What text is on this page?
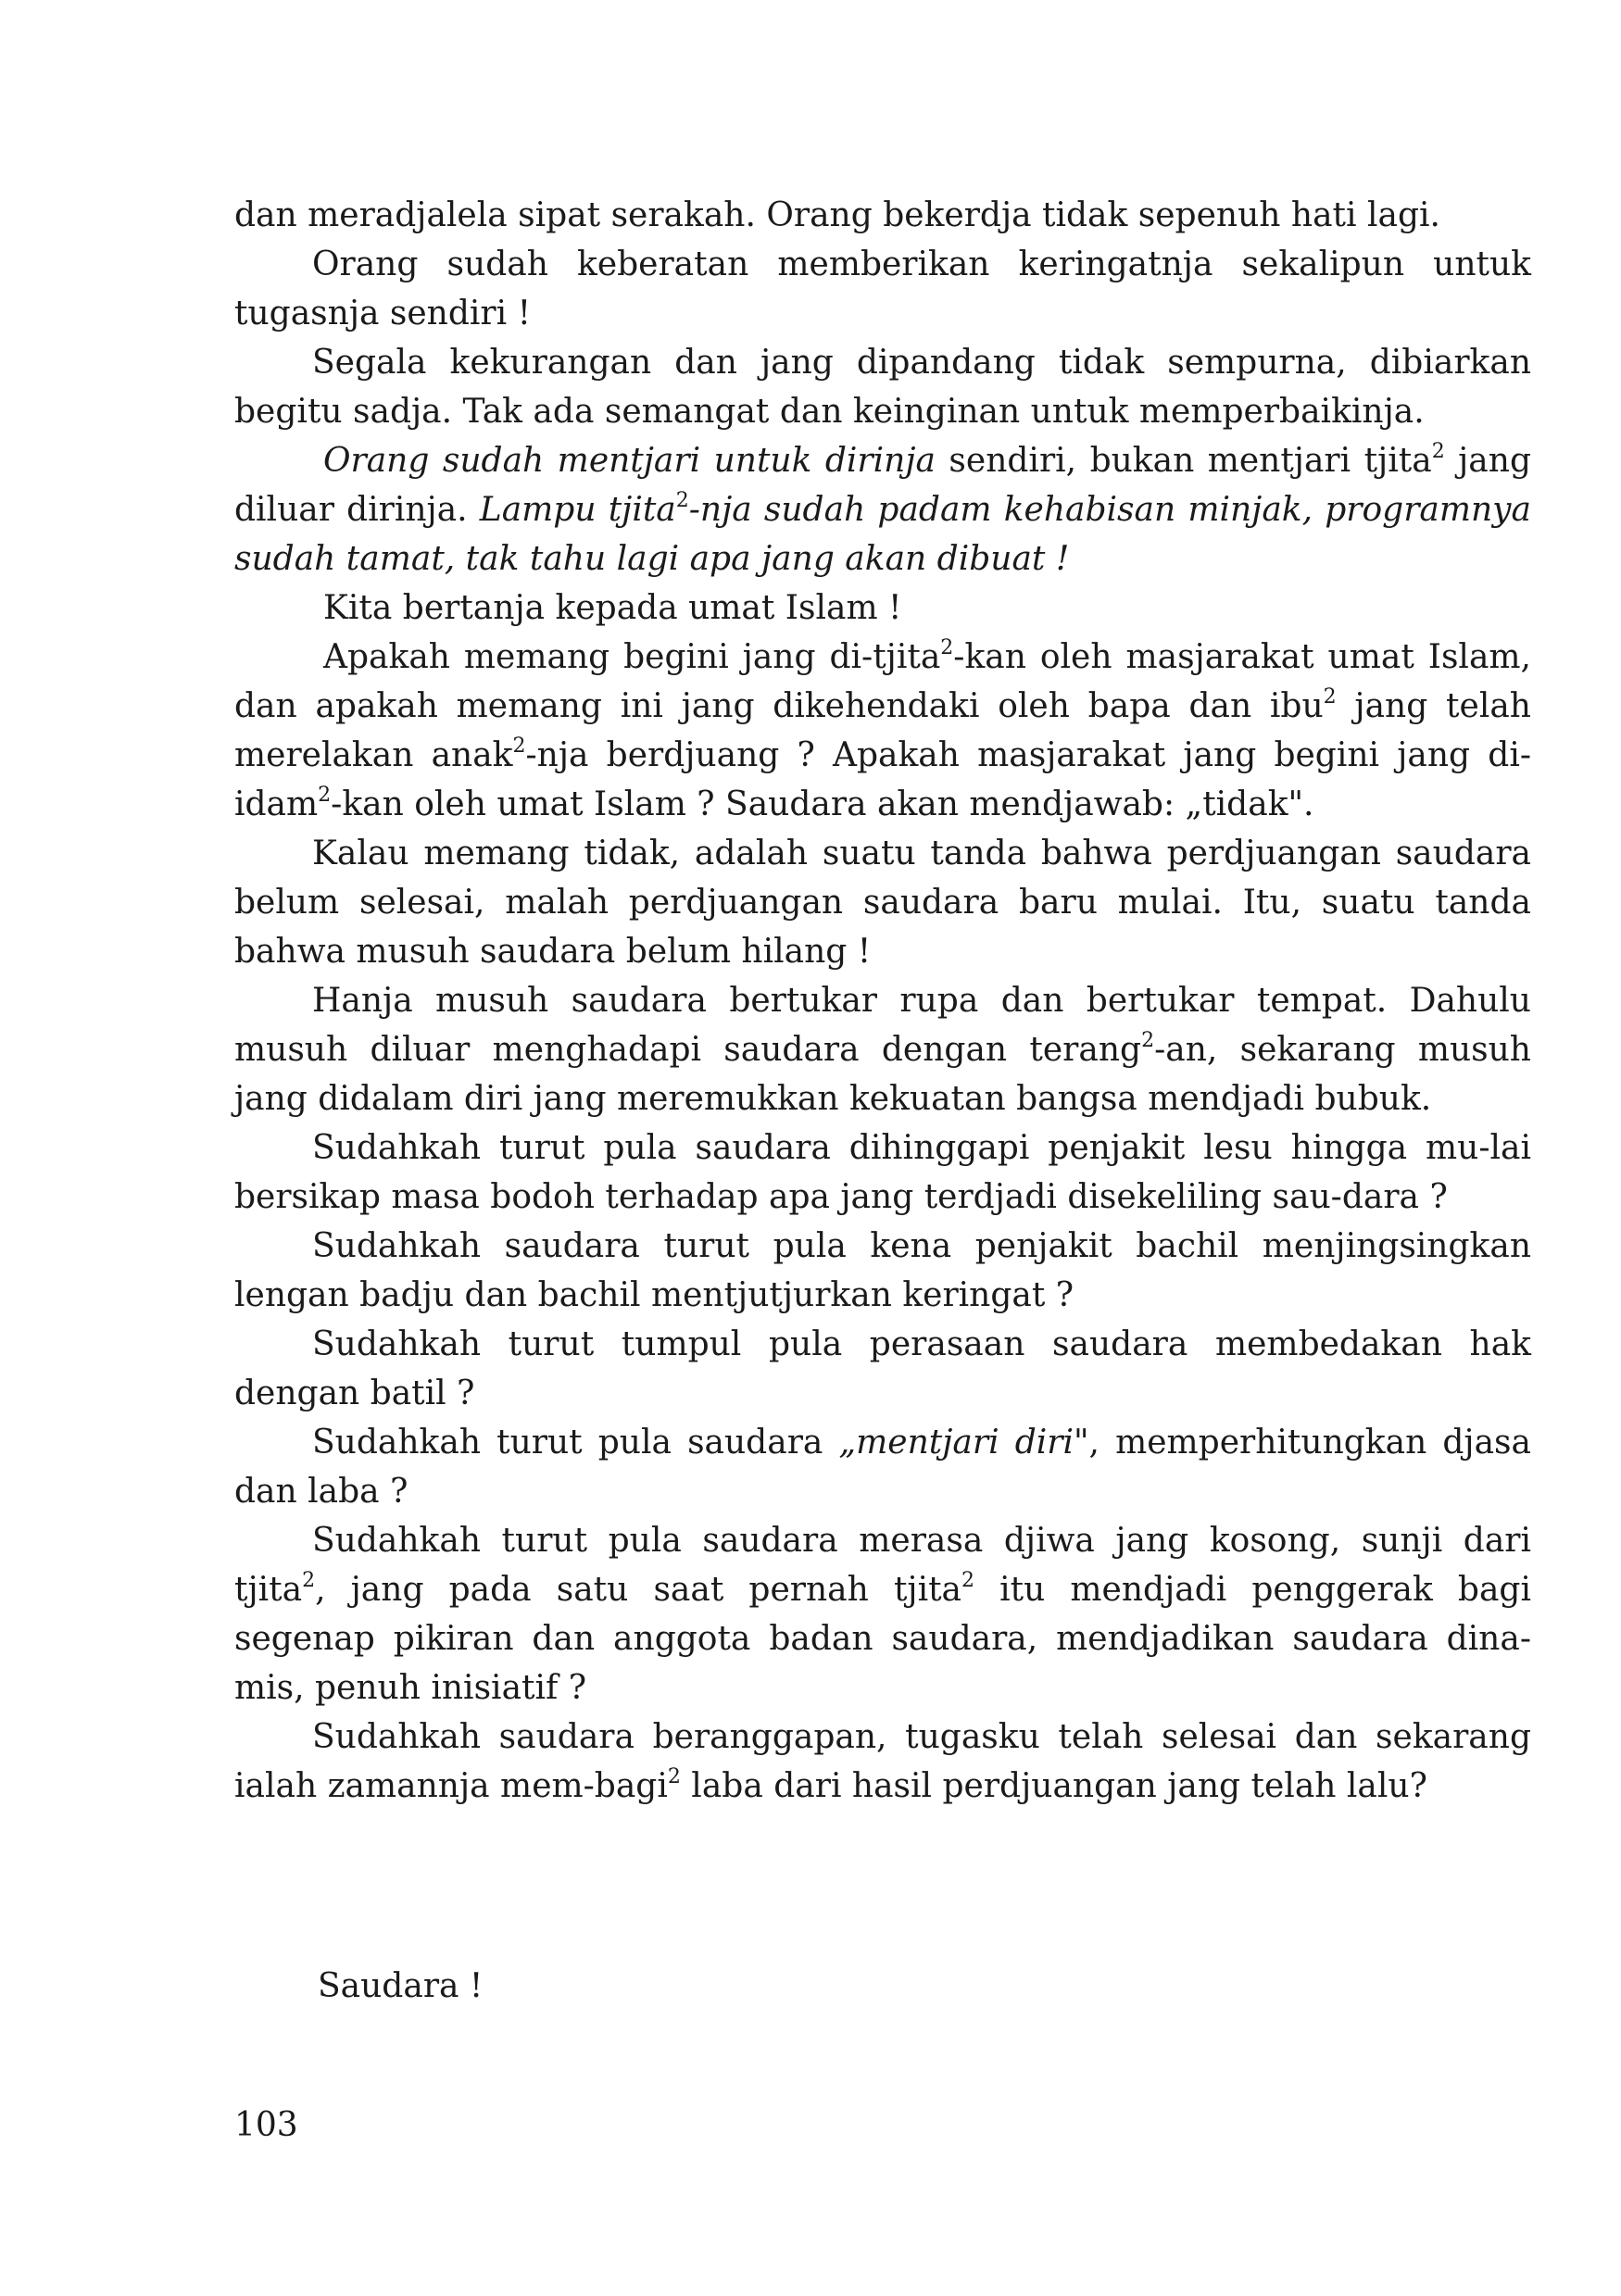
dan meradjalela sipat serakah. Orang bekerdja tidak sepenuh hati lagi.

Orang sudah keberatan memberikan keringatnja sekalipun untuk tugasnja sendiri !

Segala kekurangan dan jang dipandang tidak sempurna, dibiarkan begitu sadja. Tak ada semangat dan keinginan untuk memperbaikinja.

Orang sudah mentjari untuk dirinja sendiri, bukan mentjari tjita$^2$ jang diluar dirinja. Lampu tjita$^2$-nja sudah padam kehabisan minjak, programnya sudah tamat, tak tahu lagi apa jang akan dibuat !

Kita bertanja kepada umat Islam !

Apakah memang begini jang di-tjita$^2$-kan oleh masjarakat umat Islam, dan apakah memang ini jang dikehendaki oleh bapa dan ibu$^2$ jang telah merelakan anak$^2$-nja berdjuang ? Apakah masjarakat jang begini jang di-idam$^2$-kan oleh umat Islam ? Saudara akan mendjawab: „tidak".

Kalau memang tidak, adalah suatu tanda bahwa perdjuangan saudara belum selesai, malah perdjuangan saudara baru mulai. Itu, suatu tanda bahwa musuh saudara belum hilang !

Hanja musuh saudara bertukar rupa dan bertukar tempat. Dahulu musuh diluar menghadapi saudara dengan terang$^2$-an, sekarang musuh jang didalam diri jang meremukkan kekuatan bangsa mendjadi bubuk.

Sudahkah turut pula saudara dihinggapi penjakit lesu hingga mu-lai bersikap masa bodoh terhadap apa jang terdjadi disekeliling sau-dara ?

Sudahkah saudara turut pula kena penjakit bachil menjingsingkan lengan badju dan bachil mentjutjurkan keringat ?

Sudahkah turut tumpul pula perasaan saudara membedakan hak dengan batil ?

Sudahkah turut pula saudara „mentjari diri", memperhitungkan djasa dan laba ?

Sudahkah turut pula saudara merasa djiwa jang kosong, sunji dari tjita$^2$, jang pada satu saat pernah tjita$^2$ itu mendjadi penggerak bagi segenap pikiran dan anggota badan saudara, mendjadikan saudara dina-mis, penuh inisiatif ?

Sudahkah saudara beranggapan, tugasku telah selesai dan sekarang ialah zamannja mem-bagi$^2$ laba dari hasil perdjuangan jang telah lalu?

Saudara !
103
